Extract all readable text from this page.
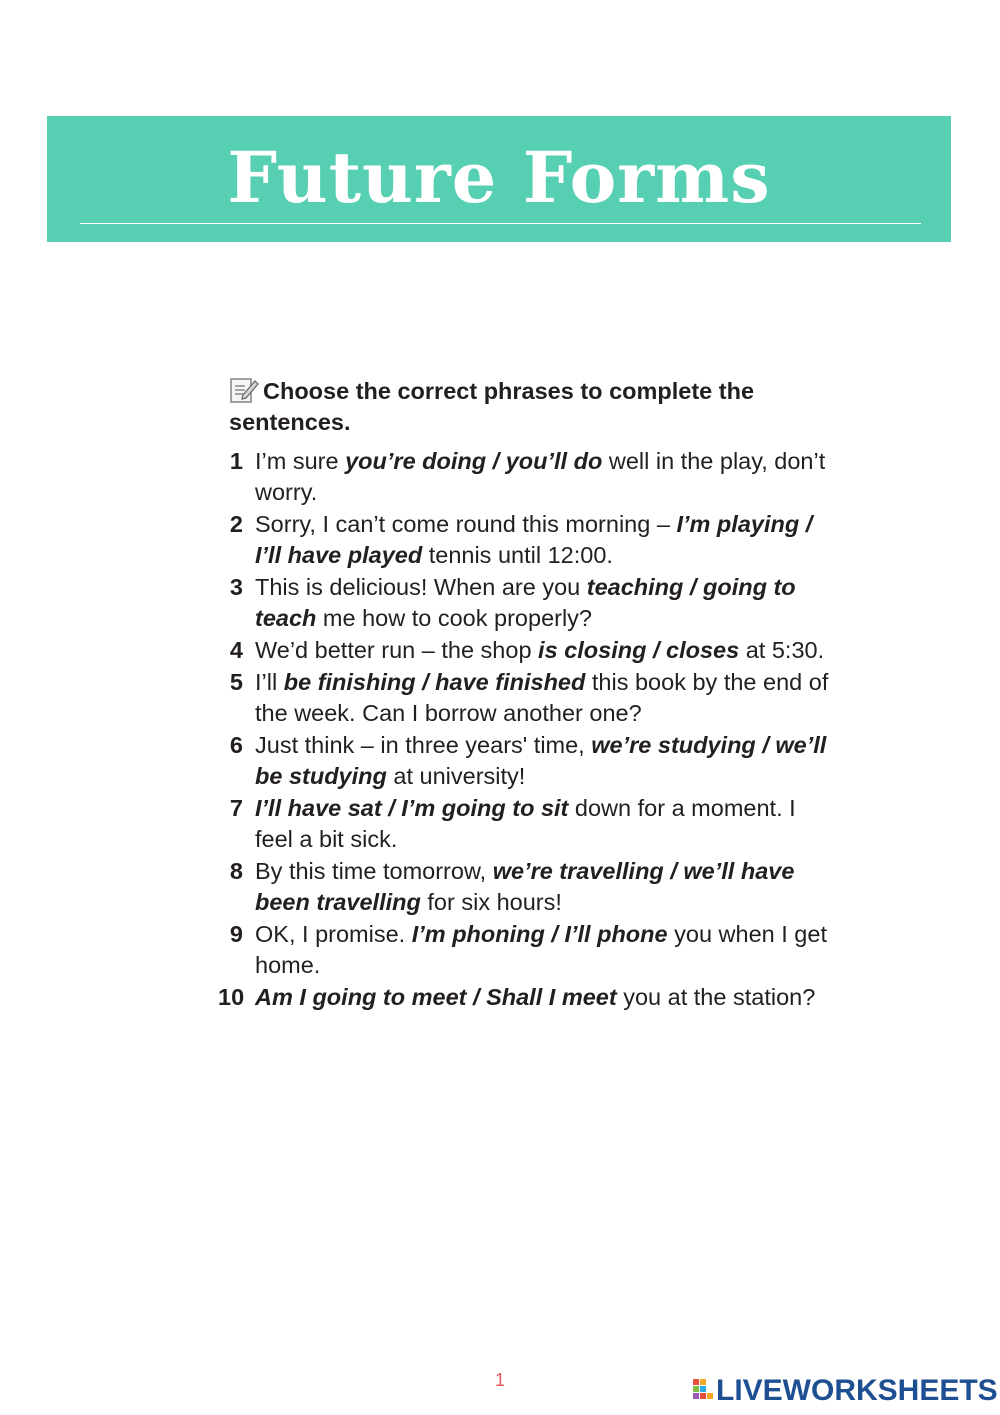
Future Forms
Choose the correct phrases to complete the sentences.
1 I’m sure you’re doing / you’ll do well in the play, don’t worry.
2 Sorry, I can’t come round this morning – I’m playing / I’ll have played tennis until 12:00.
3 This is delicious! When are you teaching / going to teach me how to cook properly?
4 We’d better run – the shop is closing / closes at 5:30.
5 I’ll be finishing / have finished this book by the end of the week. Can I borrow another one?
6 Just think – in three years' time, we’re studying / we’ll be studying at university!
7 I’ll have sat / I’m going to sit down for a moment. I feel a bit sick.
8 By this time tomorrow, we’re travelling / we’ll have been travelling for six hours!
9 OK, I promise. I’m phoning / I’ll phone you when I get home.
10 Am I going to meet / Shall I meet you at the station?
1	LIVEWORKSHEETS
